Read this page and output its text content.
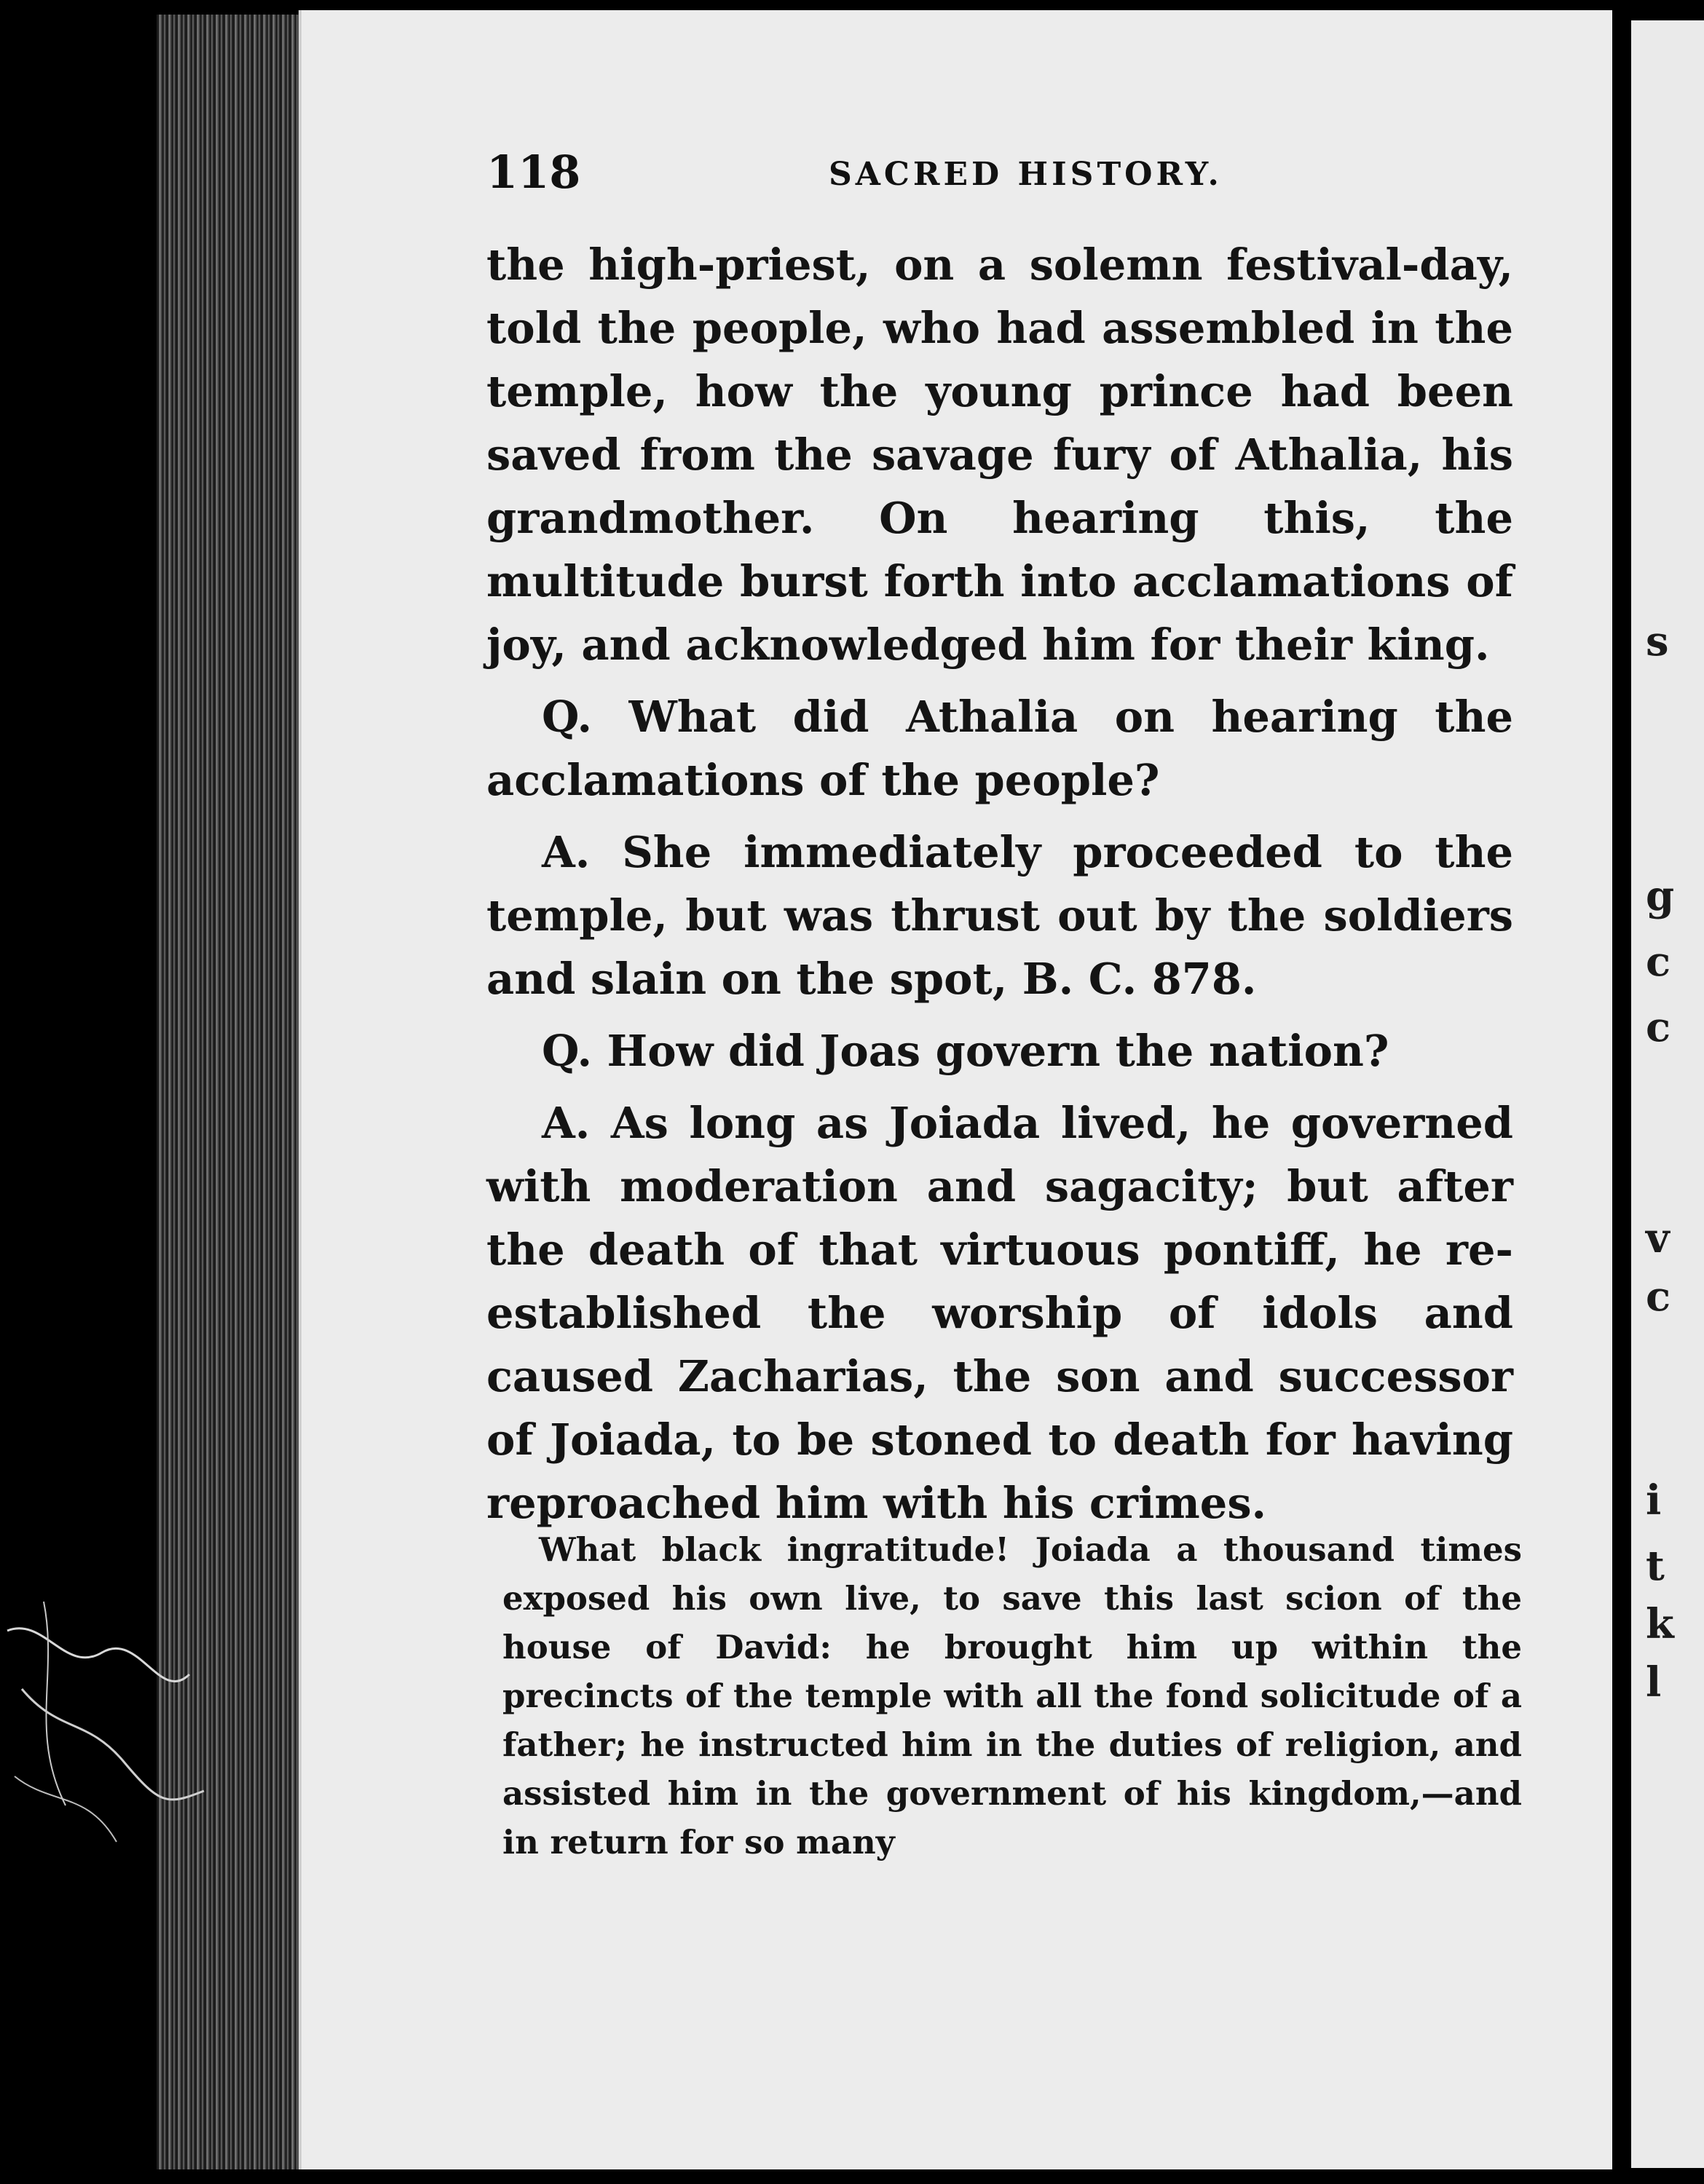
s
g
c
c
v
c
i
t
k
l
118	SACRED HISTORY.

the high-priest, on a solemn festival-day, told the people, who had assembled in the temple, how the young prince had been saved from the savage fury of Athalia, his grandmother. On hearing this, the multitude burst forth into acclamations of joy, and acknowledged him for their king.

Q. What did Athalia on hearing the acclamations of the people?

A. She immediately proceeded to the temple, but was thrust out by the soldiers and slain on the spot, B. C. 878.

Q. How did Joas govern the nation?

A. As long as Joiada lived, he governed with moderation and sagacity; but after the death of that virtuous pontiff, he re-established the worship of idols and caused Zacharias, the son and successor of Joiada, to be stoned to death for having reproached him with his crimes.

What black ingratitude! Joiada a thousand times exposed his own live, to save this last scion of the house of David: he brought him up within the precincts of the temple with all the fond solicitude of a father; he instructed him in the duties of religion, and assisted him in the government of his kingdom,—and in return for so many
